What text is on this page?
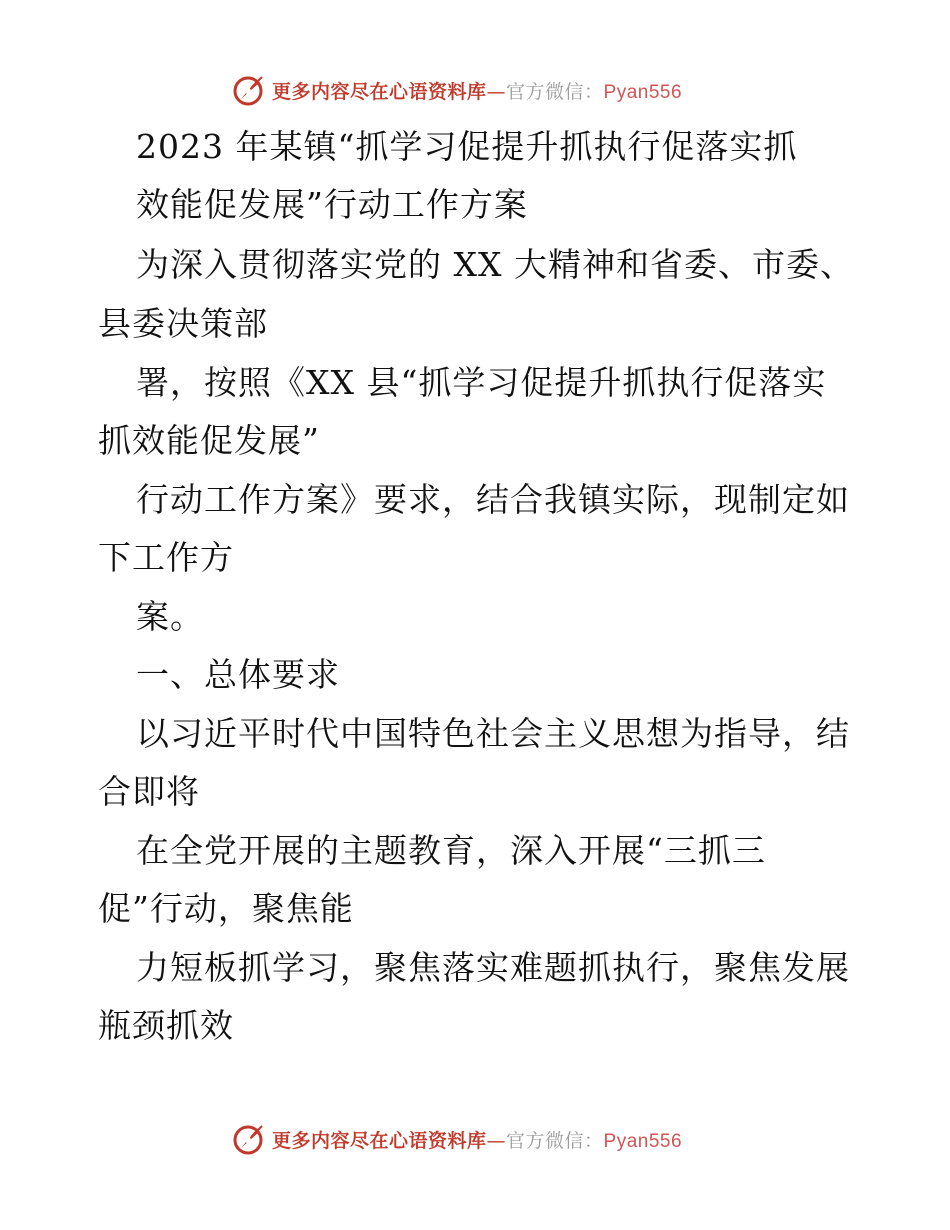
更多内容尽在心语资料库—官方微信：Pyan556
2023 年某镇“抓学习促提升抓执行促落实抓
效能促发展”行动工作方案
为深入贯彻落实党的 XX 大精神和省委、市委、
县委决策部
署，按照《XX 县“抓学习促提升抓执行促落实
抓效能促发展”
行动工作方案》要求，结合我镇实际，现制定如
下工作方
案。
一、总体要求
以习近平时代中国特色社会主义思想为指导，结
合即将
在全党开展的主题教育，深入开展“三抓三
促”行动，聚焦能
力短板抓学习，聚焦落实难题抓执行，聚焦发展
瓶颈抓效
更多内容尽在心语资料库—官方微信：Pyan556
